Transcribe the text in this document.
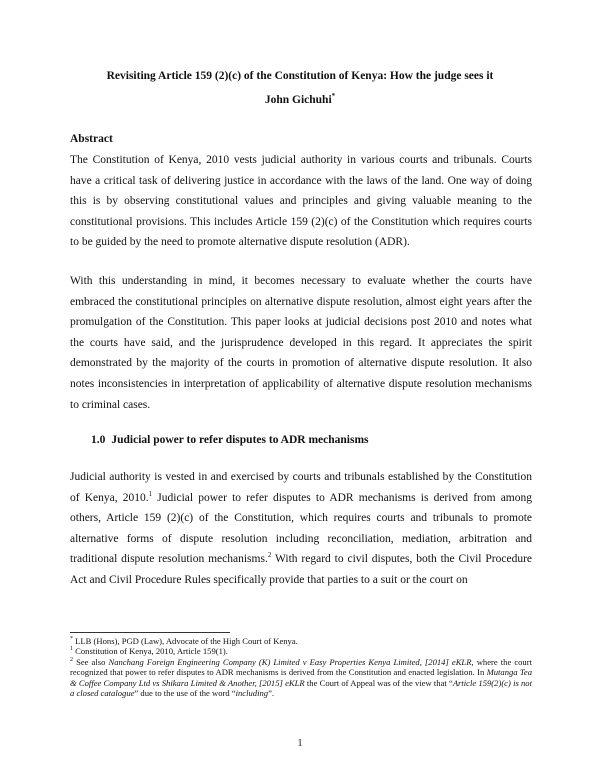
Revisiting Article 159 (2)(c) of the Constitution of Kenya: How the judge sees it
John Gichuhi*
Abstract

The Constitution of Kenya, 2010 vests judicial authority in various courts and tribunals. Courts have a critical task of delivering justice in accordance with the laws of the land. One way of doing this is by observing constitutional values and principles and giving valuable meaning to the constitutional provisions. This includes Article 159 (2)(c) of the Constitution which requires courts to be guided by the need to promote alternative dispute resolution (ADR).

With this understanding in mind, it becomes necessary to evaluate whether the courts have embraced the constitutional principles on alternative dispute resolution, almost eight years after the promulgation of the Constitution. This paper looks at judicial decisions post 2010 and notes what the courts have said, and the jurisprudence developed in this regard. It appreciates the spirit demonstrated by the majority of the courts in promotion of alternative dispute resolution. It also notes inconsistencies in interpretation of applicability of alternative dispute resolution mechanisms to criminal cases.

1.0 Judicial power to refer disputes to ADR mechanisms

Judicial authority is vested in and exercised by courts and tribunals established by the Constitution of Kenya, 2010.$^1$ Judicial power to refer disputes to ADR mechanisms is derived from among others, Article 159 (2)(c) of the Constitution, which requires courts and tribunals to promote alternative forms of dispute resolution including reconciliation, mediation, arbitration and traditional dispute resolution mechanisms.$^2$ With regard to civil disputes, both the Civil Procedure Act and Civil Procedure Rules specifically provide that parties to a suit or the court on

* LLB (Hons), PGD (Law), Advocate of the High Court of Kenya.

$^1$ Constitution of Kenya, 2010, Article 159(1).

$^2$ See also Nanchang Foreign Engineering Company (K) Limited v Easy Properties Kenya Limited, [2014] eKLR, where the court recognized that power to refer disputes to ADR mechanisms is derived from the Constitution and enacted legislation. In Mutanga Tea & Coffee Company Ltd vs Shikara Limited & Another, [2015] eKLR the Court of Appeal was of the view that “Article 159(2)(c) is not a closed catalogue” due to the use of the word “including”.

1
